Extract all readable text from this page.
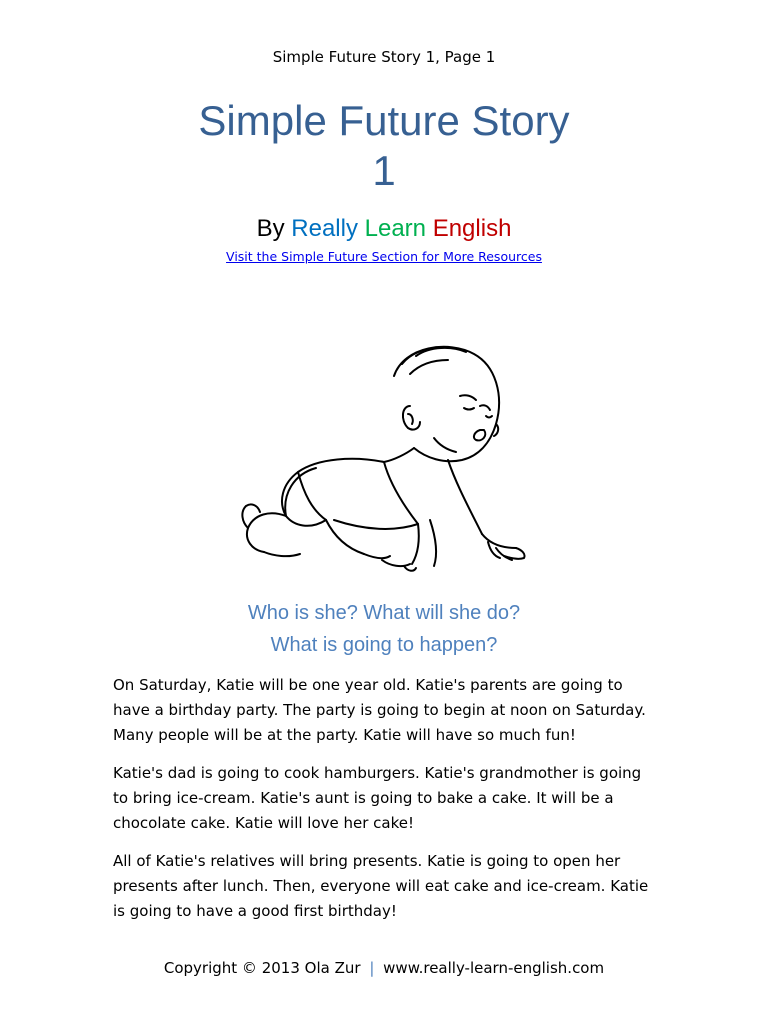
Simple Future Story 1, Page 1
Simple Future Story
1
By Really Learn English
Visit the Simple Future Section for More Resources
Who is she? What will she do?
What is going to happen?

On Saturday, Katie will be one year old. Katie's parents are going to have a birthday party. The party is going to begin at noon on Saturday. Many people will be at the party. Katie will have so much fun!

Katie's dad is going to cook hamburgers. Katie's grandmother is going to bring ice-cream. Katie's aunt is going to bake a cake. It will be a chocolate cake. Katie will love her cake!

All of Katie's relatives will bring presents. Katie is going to open her presents after lunch. Then, everyone will eat cake and ice-cream. Katie is going to have a good first birthday!

Copyright © 2013 Ola Zur | www.really-learn-english.com
